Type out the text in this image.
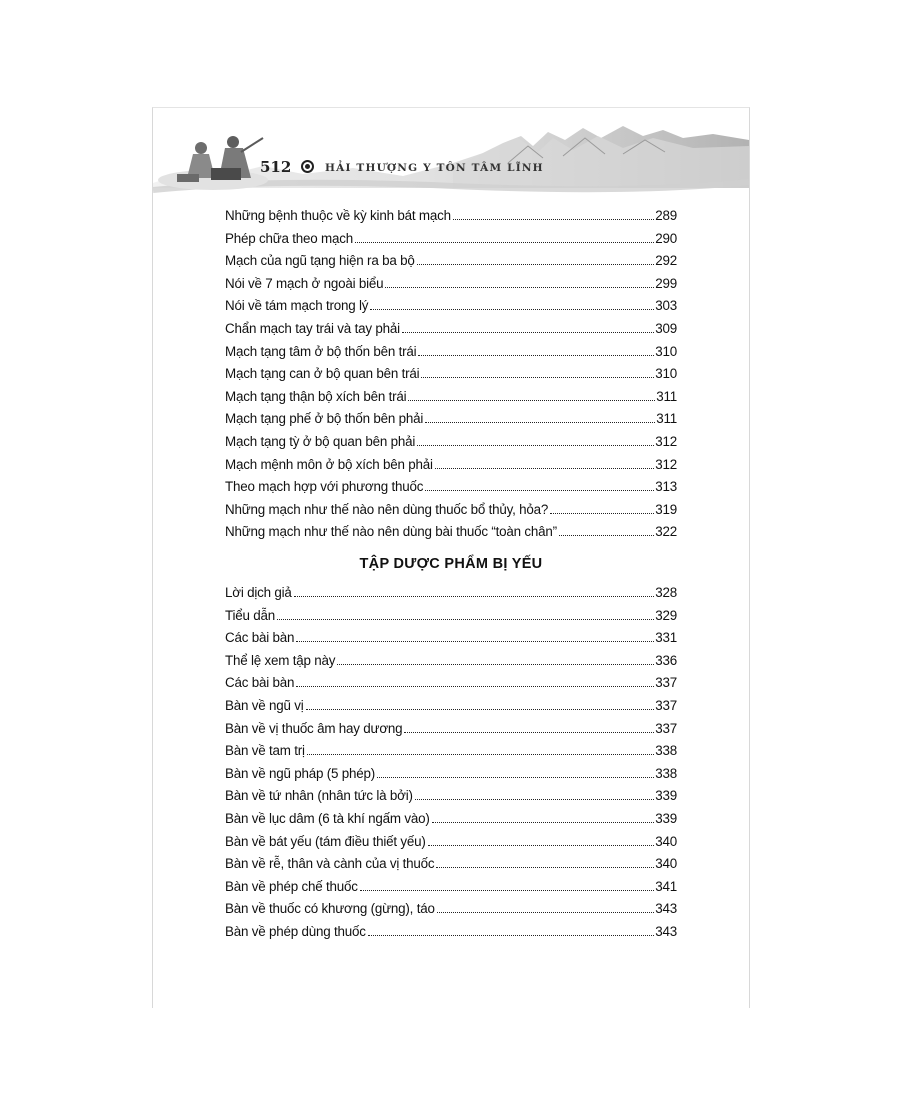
512	HẢI THƯỢNG Y TÔN TÂM LĨNH
Những bệnh thuộc về kỳ kinh bát mạch	289
Phép chữa theo mạch	290
Mạch của ngũ tạng hiện ra ba bộ	292
Nói về 7 mạch ở ngoài biểu	299
Nói về tám mạch trong lý	303
Chẩn mạch tay trái và tay phải	309
Mạch tạng tâm ở bộ thốn bên trái	310
Mạch tạng can ở bộ quan bên trái	310
Mạch tạng thận bộ xích bên trái	311
Mạch tạng phế ở bộ thốn bên phải	311
Mạch tạng tỳ ở bộ quan bên phải	312
Mạch mệnh môn ở bộ xích bên phải	312
Theo mạch hợp với phương thuốc	313
Những mạch như thế nào nên dùng thuốc bổ thủy, hỏa?	319
Những mạch như thế nào nên dùng bài thuốc “toàn chân”	322
TẬP DƯỢC PHẨM BỊ YẾU
Lời dịch giả	328
Tiểu dẫn	329
Các bài bàn	331
Thể lệ xem tập này	336
Các bài bàn	337
Bàn về ngũ vị	337
Bàn về vị thuốc âm hay dương	337
Bàn về tam trị	338
Bàn về ngũ pháp (5 phép)	338
Bàn về tứ nhân (nhân tức là bởi)	339
Bàn về lục dâm (6 tà khí ngấm vào)	339
Bàn về bát yếu (tám điều thiết yếu)	340
Bàn về rễ, thân và cành của vị thuốc	340
Bàn về phép chế thuốc	341
Bàn về thuốc có khương (gừng), táo	343
Bàn về phép dùng thuốc	343
